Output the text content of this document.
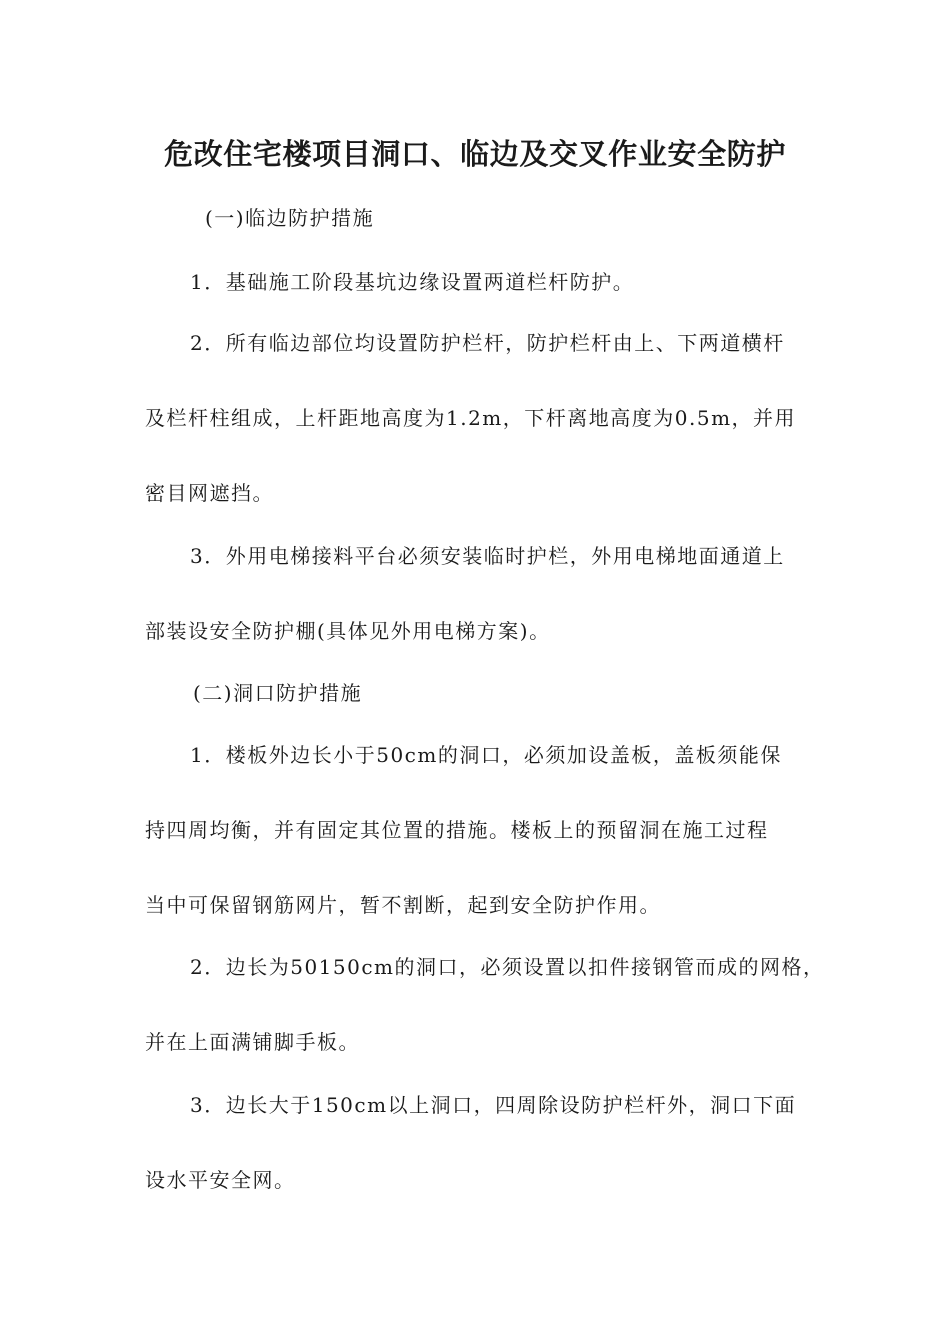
危改住宅楼项目洞口、临边及交叉作业安全防护
(一)临边防护措施
1．基础施工阶段基坑边缘设置两道栏杆防护。
2．所有临边部位均设置防护栏杆，防护栏杆由上、下两道横杆
及栏杆柱组成，上杆距地高度为1.2m，下杆离地高度为0.5m，并用
密目网遮挡。
3．外用电梯接料平台必须安装临时护栏，外用电梯地面通道上
部装设安全防护棚(具体见外用电梯方案)。
(二)洞口防护措施
1．楼板外边长小于50cm的洞口，必须加设盖板，盖板须能保
持四周均衡，并有固定其位置的措施。楼板上的预留洞在施工过程
当中可保留钢筋网片，暂不割断，起到安全防护作用。
2．边长为50150cm的洞口，必须设置以扣件接钢管而成的网格，
并在上面满铺脚手板。
3．边长大于150cm以上洞口，四周除设防护栏杆外，洞口下面
设水平安全网。
